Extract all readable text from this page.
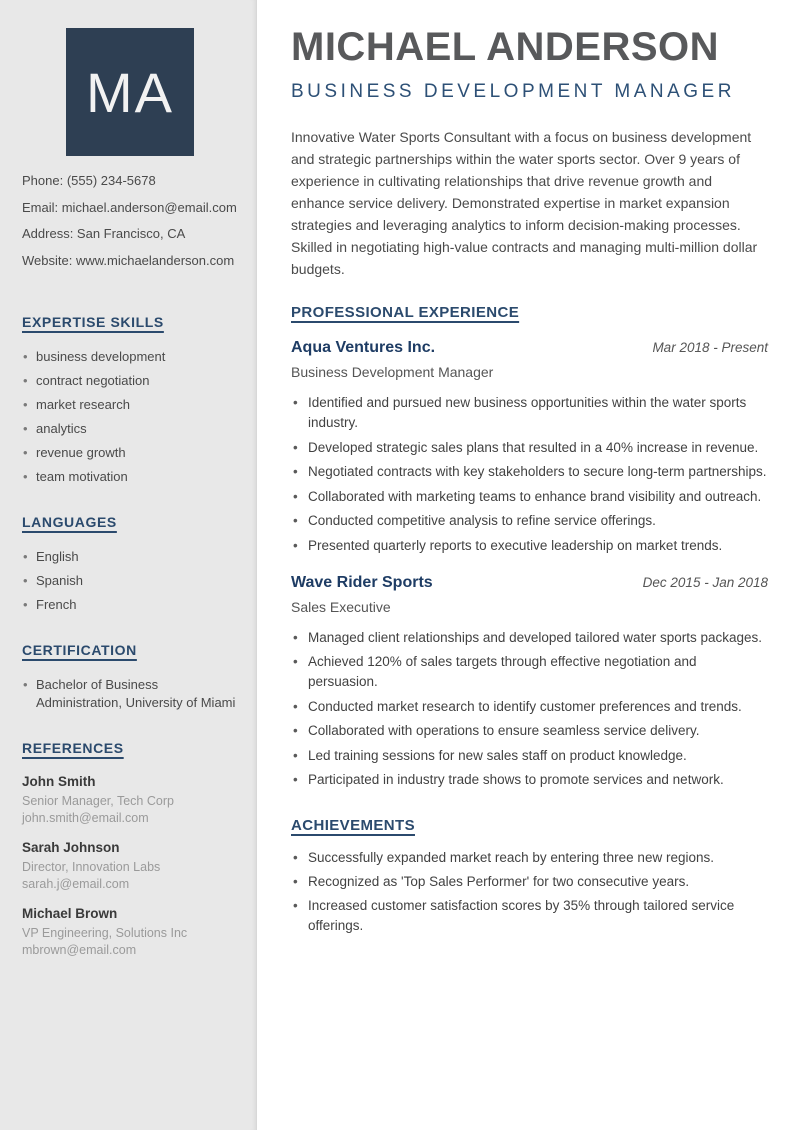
MA

Phone: (555) 234-5678

Email: michael.anderson@email.com

Address: San Francisco, CA

Website: www.michaelanderson.com

EXPERTISE SKILLS
• business development
• contract negotiation
• market research
• analytics
• revenue growth
• team motivation
LANGUAGES
• English
• Spanish
• French
CERTIFICATION
• Bachelor of Business Administration, University of Miami
REFERENCES

John Smith

Senior Manager, Tech Corp

john.smith@email.com

Sarah Johnson

Director, Innovation Labs

sarah.j@email.com

Michael Brown

VP Engineering, Solutions Inc

mbrown@email.com

MICHAEL ANDERSON
BUSINESS DEVELOPMENT MANAGER

Innovative Water Sports Consultant with a focus on business development and strategic partnerships within the water sports sector. Over 9 years of experience in cultivating relationships that drive revenue growth and enhance service delivery. Demonstrated expertise in market expansion strategies and leveraging analytics to inform decision-making processes. Skilled in negotiating high-value contracts and managing multi-million dollar budgets.

PROFESSIONAL EXPERIENCE
Aqua Ventures Inc.	Mar 2018 - Present

Business Development Manager

• Identified and pursued new business opportunities within the water sports industry.
• Developed strategic sales plans that resulted in a 40% increase in revenue.
• Negotiated contracts with key stakeholders to secure long-term partnerships.
• Collaborated with marketing teams to enhance brand visibility and outreach.
• Conducted competitive analysis to refine service offerings.
• Presented quarterly reports to executive leadership on market trends.
Wave Rider Sports	Dec 2015 - Jan 2018

Sales Executive

• Managed client relationships and developed tailored water sports packages.
• Achieved 120% of sales targets through effective negotiation and persuasion.
• Conducted market research to identify customer preferences and trends.
• Collaborated with operations to ensure seamless service delivery.
• Led training sessions for new sales staff on product knowledge.
• Participated in industry trade shows to promote services and network.
ACHIEVEMENTS
• Successfully expanded market reach by entering three new regions.
• Recognized as 'Top Sales Performer' for two consecutive years.
• Increased customer satisfaction scores by 35% through tailored service offerings.
